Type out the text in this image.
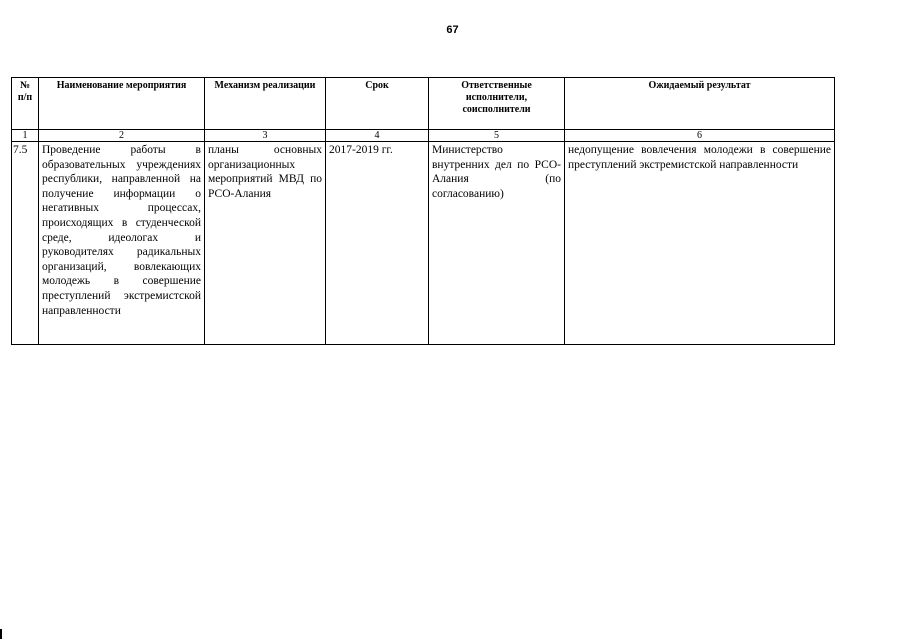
67
№ п/п	Наименование мероприятия	Механизм реализации	Срок	Ответственные исполнители, соисполнители	Ожидаемый результат
1	2	3	4	5	6
7.5	Проведение работы в образовательных учреждениях республики, направленной на получение информации о негативных процессах, происходящих в студенческой среде, идеологах и руководителях радикальных организаций, вовлекающих молодежь в совершение преступлений экстремистской направленности	планы основных организационных мероприятий МВД по РСО-Алания	2017-2019 гг.	Министерство внутренних дел по РСО-Алания (по согласованию)	недопущение вовлечения молодежи в совершение преступлений экстремистской направленности
